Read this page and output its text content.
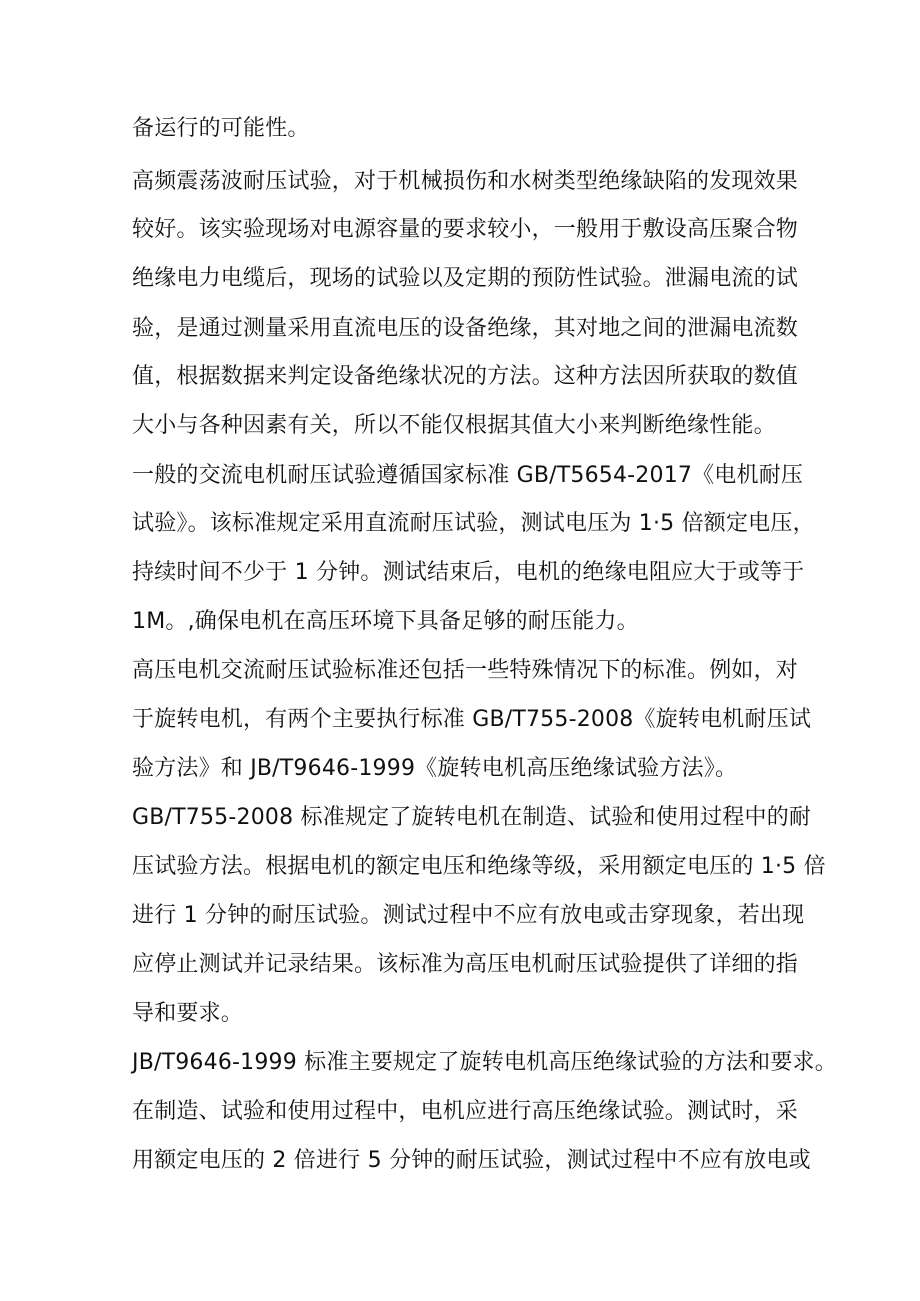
备运行的可能性。
高频震荡波耐压试验，对于机械损伤和水树类型绝缘缺陷的发现效果
较好。该实验现场对电源容量的要求较小，一般用于敷设高压聚合物
绝缘电力电缆后，现场的试验以及定期的预防性试验。泄漏电流的试
验，是通过测量采用直流电压的设备绝缘，其对地之间的泄漏电流数
值，根据数据来判定设备绝缘状况的方法。这种方法因所获取的数值
大小与各种因素有关，所以不能仅根据其值大小来判断绝缘性能。
一般的交流电机耐压试验遵循国家标准 GB/T5654-2017《电机耐压
试验》。该标准规定采用直流耐压试验，测试电压为 1·5 倍额定电压，
持续时间不少于 1 分钟。测试结束后，电机的绝缘电阻应大于或等于
1M。,确保电机在高压环境下具备足够的耐压能力。
高压电机交流耐压试验标准还包括一些特殊情况下的标准。例如，对
于旋转电机，有两个主要执行标准 GB/T755-2008《旋转电机耐压试
验方法》和 JB/T9646-1999《旋转电机高压绝缘试验方法》。
GB/T755-2008 标准规定了旋转电机在制造、试验和使用过程中的耐
压试验方法。根据电机的额定电压和绝缘等级，采用额定电压的 1·5 倍
进行 1 分钟的耐压试验。测试过程中不应有放电或击穿现象，若出现
应停止测试并记录结果。该标准为高压电机耐压试验提供了详细的指
导和要求。
JB/T9646-1999 标准主要规定了旋转电机高压绝缘试验的方法和要求。
在制造、试验和使用过程中，电机应进行高压绝缘试验。测试时，采
用额定电压的 2 倍进行 5 分钟的耐压试验，测试过程中不应有放电或
